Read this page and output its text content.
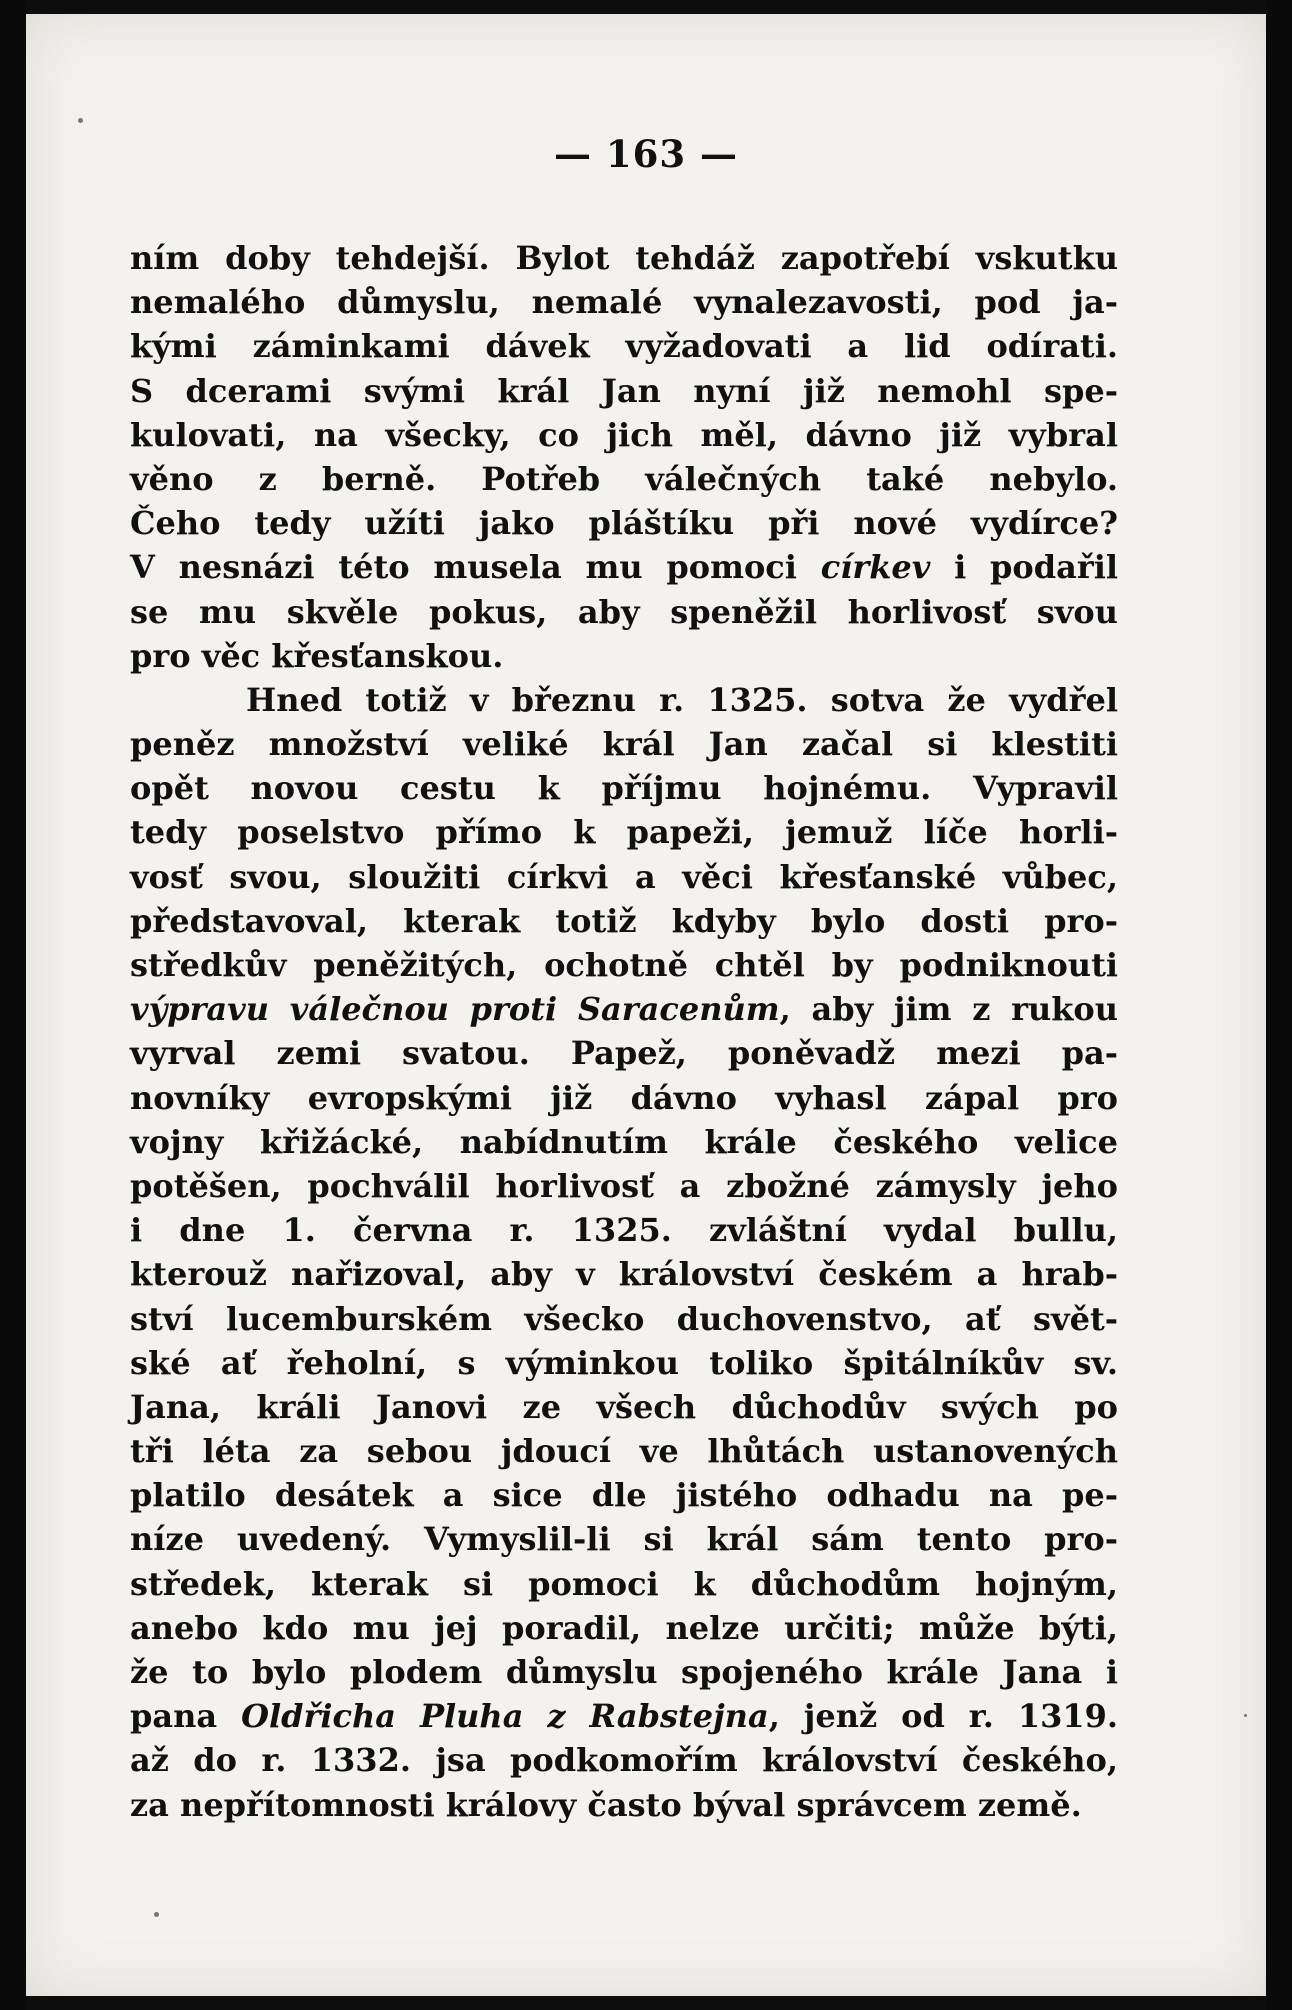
— 163 —
ním doby tehdejší. Bylot tehdáž zapotřebí vskutku
nemalého důmyslu, nemalé vynalezavosti, pod ja-
kými záminkami dávek vyžadovati a lid odírati.
S dcerami svými král Jan nyní již nemohl spe-
kulovati, na všecky, co jich měl, dávno již vybral
věno z berně. Potřeb válečných také nebylo.
Čeho tedy užíti jako pláštíku při nové vydírce?
V nesnázi této musela mu pomoci církev i podařil
se mu skvěle pokus, aby speněžil horlivosť svou
pro věc křesťanskou.
Hned totiž v březnu r. 1325. sotva že vydřel
peněz množství veliké král Jan začal si klestiti
opět novou cestu k příjmu hojnému. Vypravil
tedy poselstvo přímo k papeži, jemuž líče horli-
vosť svou, sloužiti církvi a věci křesťanské vůbec,
představoval, kterak totiž kdyby bylo dosti pro-
středkův peněžitých, ochotně chtěl by podniknouti
výpravu válečnou proti Saracenům, aby jim z rukou
vyrval zemi svatou. Papež, poněvadž mezi pa-
novníky evropskými již dávno vyhasl zápal pro
vojny křižácké, nabídnutím krále českého velice
potěšen, pochválil horlivosť a zbožné zámysly jeho
i dne 1. června r. 1325. zvláštní vydal bullu,
kterouž nařizoval, aby v království českém a hrab-
ství lucemburském všecko duchovenstvo, ať svět-
ské ať řeholní, s výminkou toliko špitálníkův sv.
Jana, králi Janovi ze všech důchodův svých po
tři léta za sebou jdoucí ve lhůtách ustanovených
platilo desátek a sice dle jistého odhadu na pe-
níze uvedený. Vymyslil-li si král sám tento pro-
středek, kterak si pomoci k důchodům hojným,
anebo kdo mu jej poradil, nelze určiti; může býti,
že to bylo plodem důmyslu spojeného krále Jana i
pana Oldřicha Pluha z Rabstejna, jenž od r. 1319.
až do r. 1332. jsa podkomořím království českého,
za nepřítomnosti královy často býval správcem země.
